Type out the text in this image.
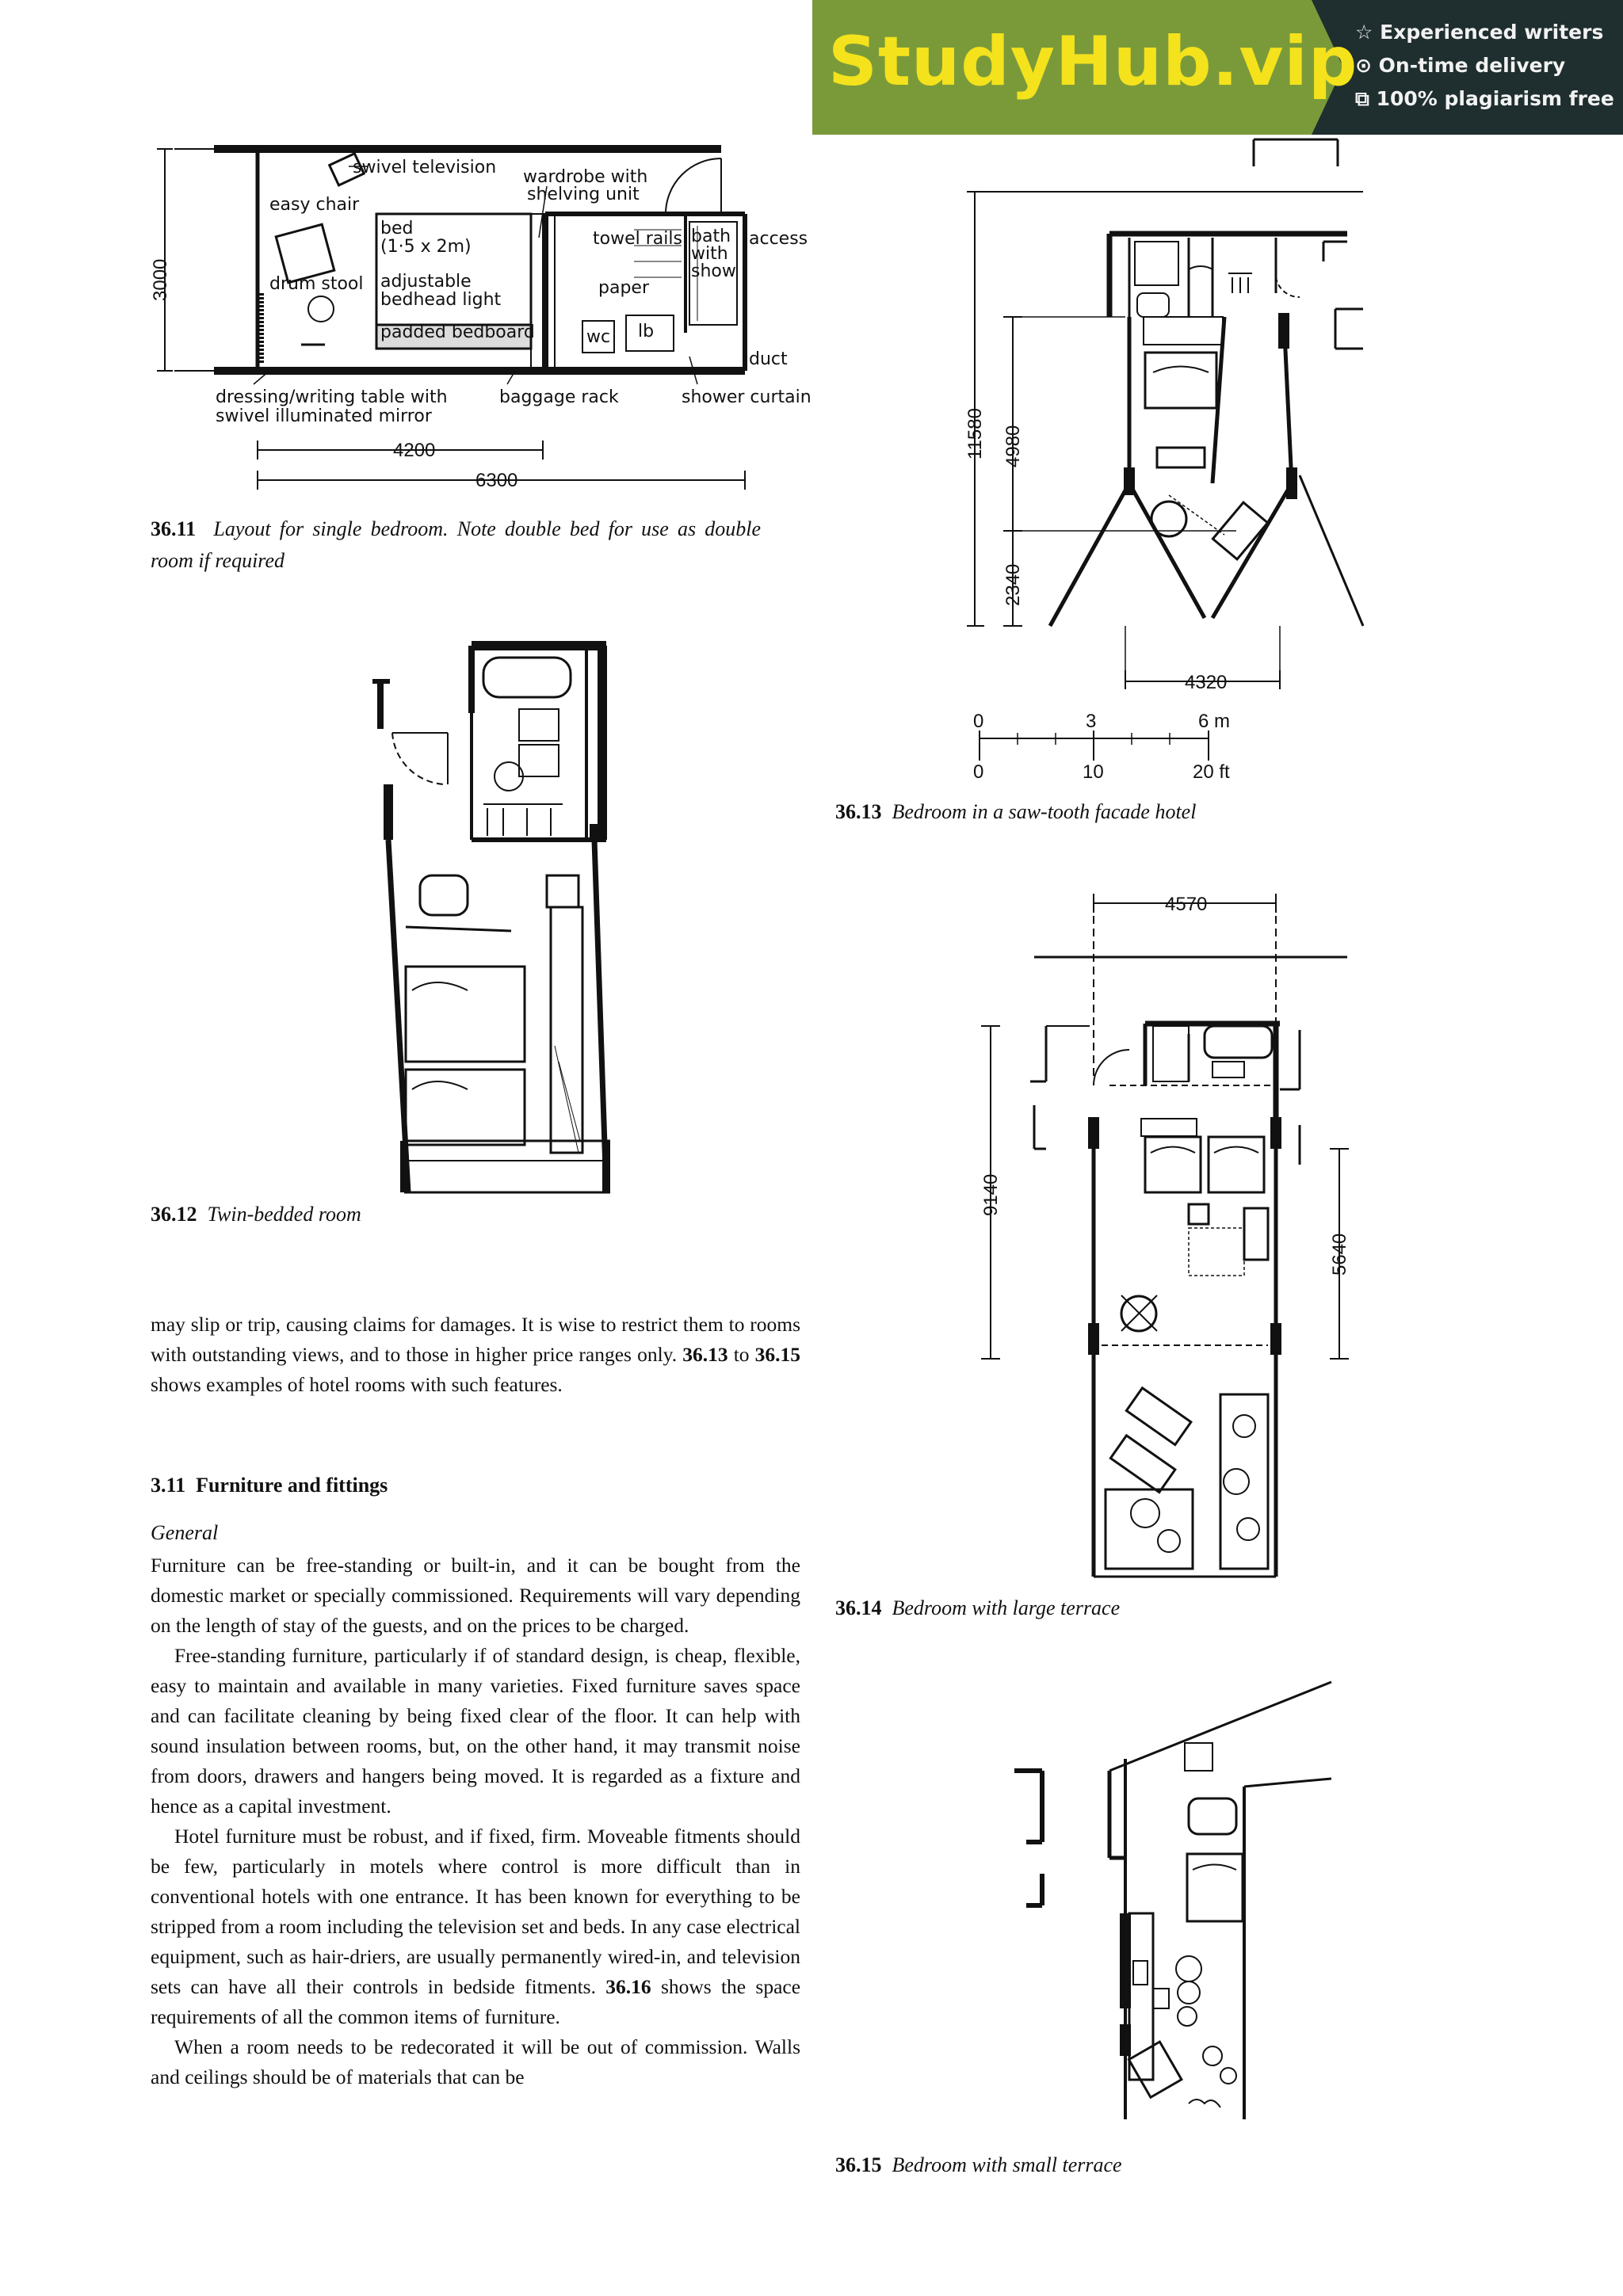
StudyHub.vip
☆ Experienced writers
⊙ On-time delivery
⧉ 100% plagiarism free
3000
4200
6300
swivel television
easy chair
drum stool
bed
(1·5 x 2m)
adjustable
bedhead light
padded bedboard
wardrobe with
shelving unit
towel rails
paper
wc lb
bath
with
show
access
duct
dressing/writing table with
swivel illuminated mirror
baggage rack	shower curtain
36.11 Layout for single bedroom. Note double bed for use as double room if required
36.12 Twin-bedded room
11580 4980
2340
4320
0	3	6 m
0	10	20 ft
36.13 Bedroom in a saw-tooth facade hotel
4570
9140
5640
36.14 Bedroom with large terrace
36.15 Bedroom with small terrace
may slip or trip, causing claims for damages. It is wise to restrict them to rooms with outstanding views, and to those in higher price ranges only. 36.13 to 36.15 shows examples of hotel rooms with such features.
3.11 Furniture and fittings
General

Furniture can be free-standing or built-in, and it can be bought from the domestic market or specially commissioned. Requirements will vary depending on the length of stay of the guests, and on the prices to be charged.

Free-standing furniture, particularly if of standard design, is cheap, flexible, easy to maintain and available in many varieties. Fixed furniture saves space and can facilitate cleaning by being fixed clear of the floor. It can help with sound insulation between rooms, but, on the other hand, it may transmit noise from doors, drawers and hangers being moved. It is regarded as a fixture and hence as a capital investment.

Hotel furniture must be robust, and if fixed, firm. Moveable fitments should be few, particularly in motels where control is more difficult than in conventional hotels with one entrance. It has been known for everything to be stripped from a room including the television set and beds. In any case electrical equipment, such as hair-driers, are usually permanently wired-in, and television sets can have all their controls in bedside fitments. 36.16 shows the space requirements of all the common items of furniture.

When a room needs to be redecorated it will be out of commission. Walls and ceilings should be of materials that can be
